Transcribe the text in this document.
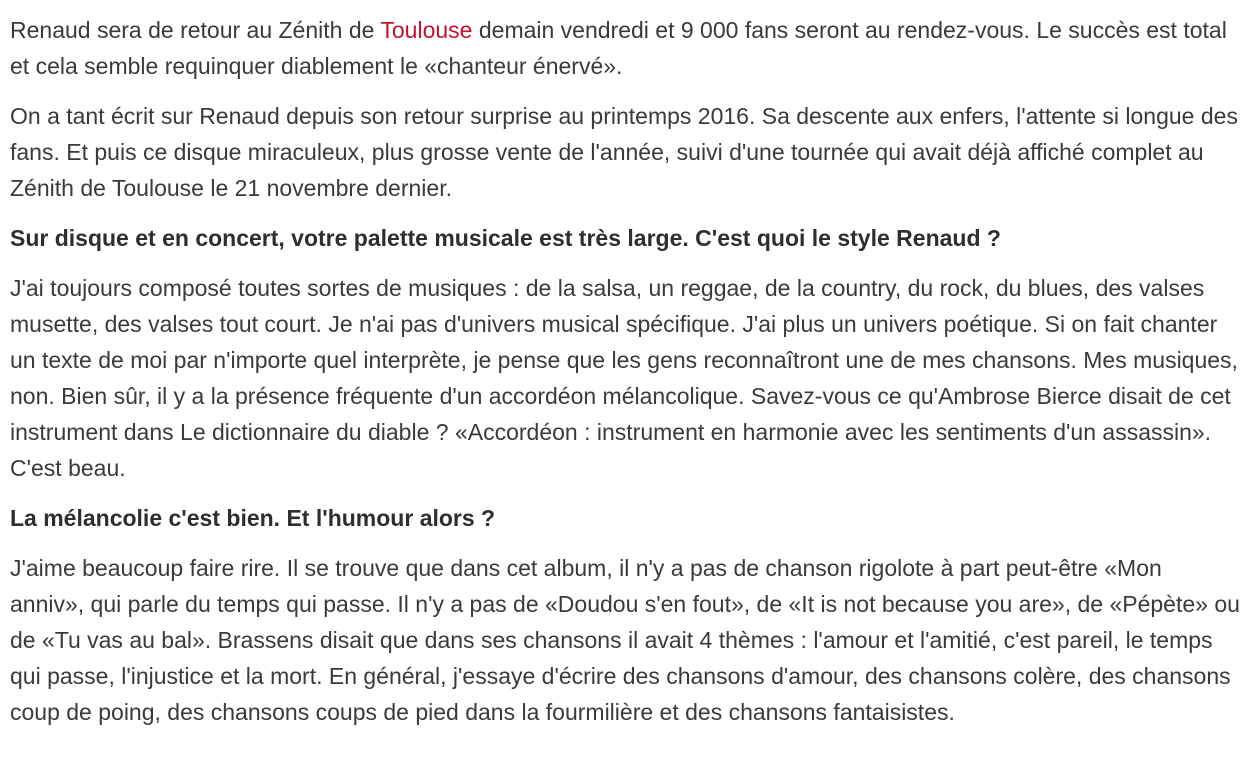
Renaud sera de retour au Zénith de Toulouse demain vendredi et 9 000 fans seront au rendez-vous. Le succès est total et cela semble requinquer diablement le «chanteur énervé».

On a tant écrit sur Renaud depuis son retour surprise au printemps 2016. Sa descente aux enfers, l'attente si longue des fans. Et puis ce disque miraculeux, plus grosse vente de l'année, suivi d'une tournée qui avait déjà affiché complet au Zénith de Toulouse le 21 novembre dernier.

Sur disque et en concert, votre palette musicale est très large. C'est quoi le style Renaud ?

J'ai toujours composé toutes sortes de musiques : de la salsa, un reggae, de la country, du rock, du blues, des valses musette, des valses tout court. Je n'ai pas d'univers musical spécifique. J'ai plus un univers poétique. Si on fait chanter un texte de moi par n'importe quel interprète, je pense que les gens reconnaîtront une de mes chansons. Mes musiques, non. Bien sûr, il y a la présence fréquente d'un accordéon mélancolique. Savez-vous ce qu'Ambrose Bierce disait de cet instrument dans Le dictionnaire du diable ? «Accordéon : instrument en harmonie avec les sentiments d'un assassin». C'est beau.

La mélancolie c'est bien. Et l'humour alors ?

J'aime beaucoup faire rire. Il se trouve que dans cet album, il n'y a pas de chanson rigolote à part peut-être «Mon anniv», qui parle du temps qui passe. Il n'y a pas de «Doudou s'en fout», de «It is not because you are», de «Pépète» ou de «Tu vas au bal». Brassens disait que dans ses chansons il avait 4 thèmes : l'amour et l'amitié, c'est pareil, le temps qui passe, l'injustice et la mort. En général, j'essaye d'écrire des chansons d'amour, des chansons colère, des chansons coup de poing, des chansons coups de pied dans la fourmilière et des chansons fantaisistes.
